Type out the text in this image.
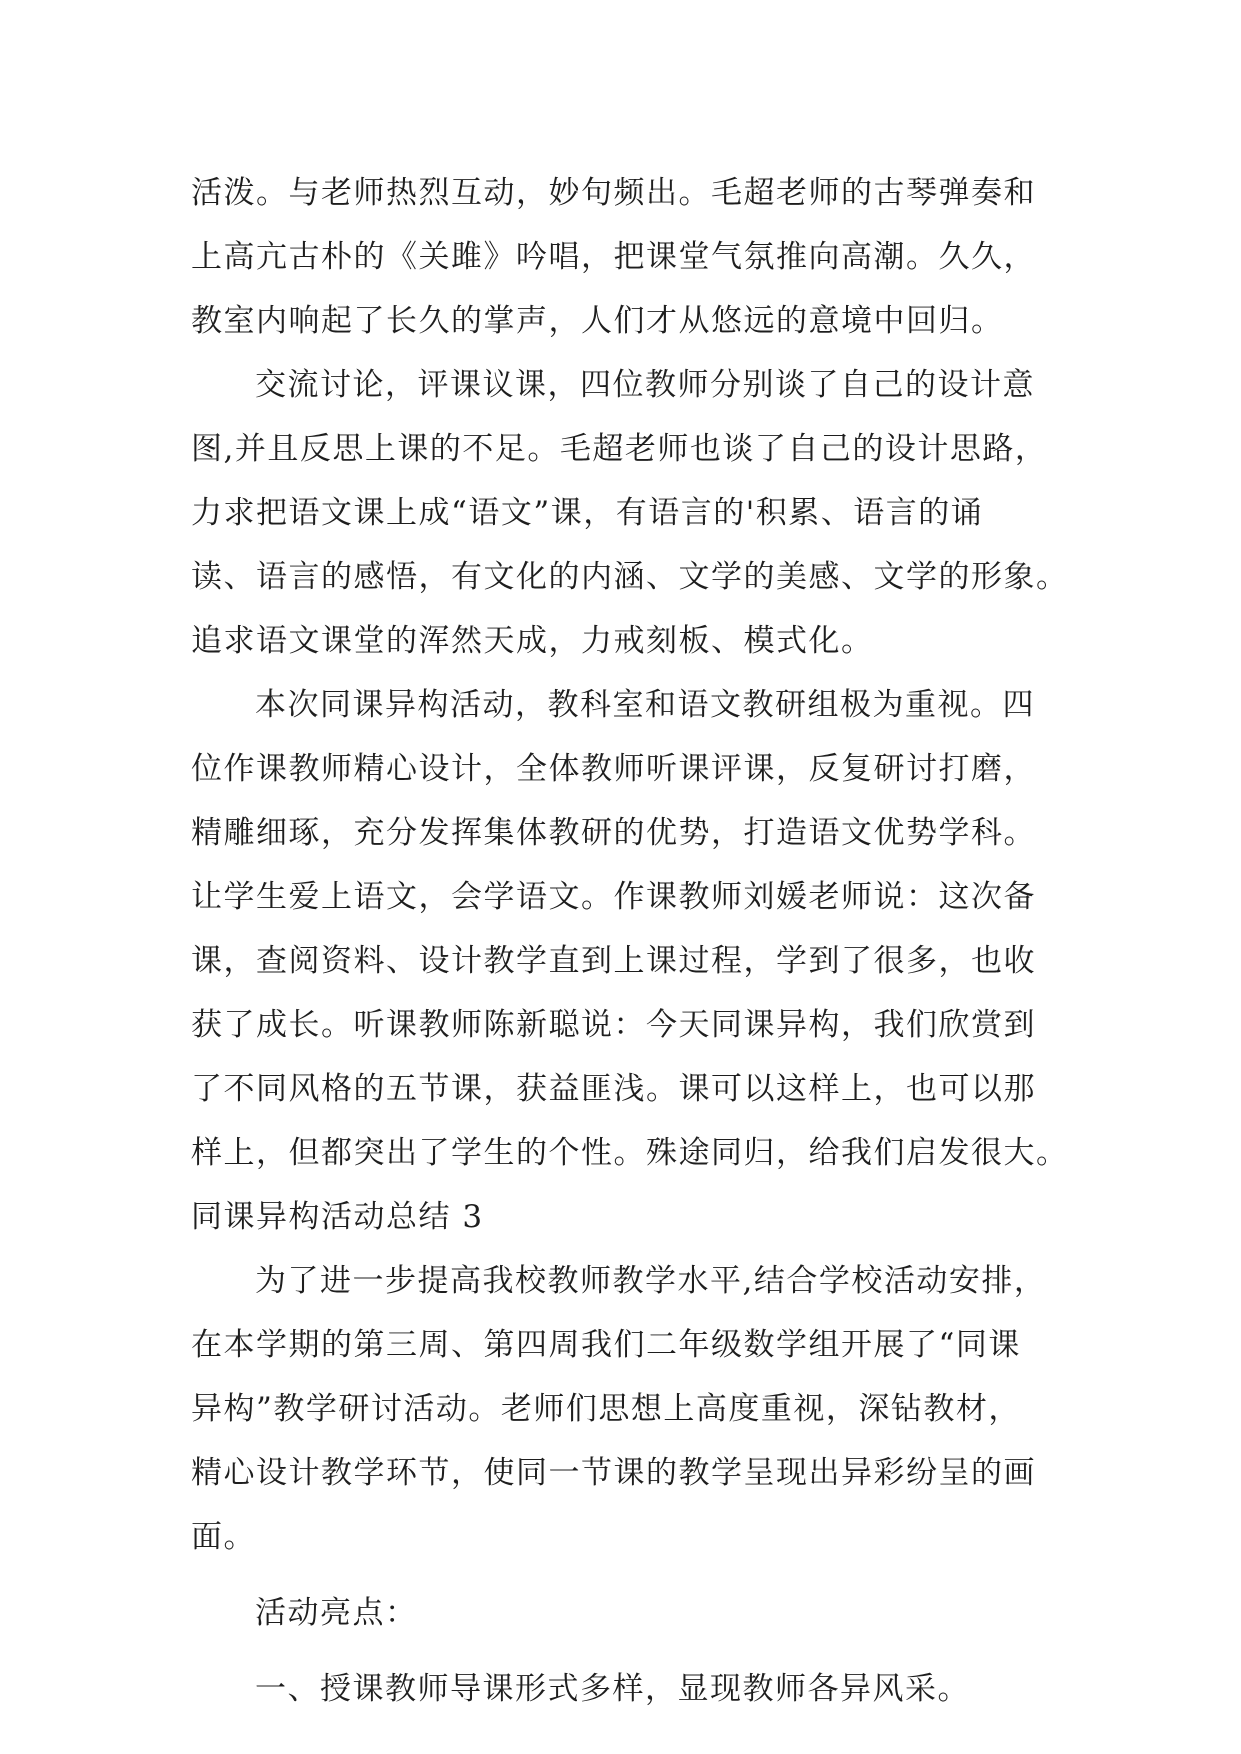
活泼。与老师热烈互动，妙句频出。毛超老师的古琴弹奏和
上高亢古朴的《关雎》吟唱，把课堂气氛推向高潮。久久，
教室内响起了长久的掌声，人们才从悠远的意境中回归。
交流讨论，评课议课，四位教师分别谈了自己的设计意
图,并且反思上课的不足。毛超老师也谈了自己的设计思路，
力求把语文课上成“语文”课，有语言的'积累、语言的诵
读、语言的感悟，有文化的内涵、文学的美感、文学的形象。
追求语文课堂的浑然天成，力戒刻板、模式化。
本次同课异构活动，教科室和语文教研组极为重视。四
位作课教师精心设计，全体教师听课评课，反复研讨打磨，
精雕细琢，充分发挥集体教研的优势，打造语文优势学科。
让学生爱上语文，会学语文。作课教师刘媛老师说：这次备
课，查阅资料、设计教学直到上课过程，学到了很多，也收
获了成长。听课教师陈新聪说：今天同课异构，我们欣赏到
了不同风格的五节课，获益匪浅。课可以这样上，也可以那
样上，但都突出了学生的个性。殊途同归，给我们启发很大。
同课异构活动总结 3
为了进一步提高我校教师教学水平,结合学校活动安排，
在本学期的第三周、第四周我们二年级数学组开展了“同课
异构”教学研讨活动。老师们思想上高度重视，深钻教材，
精心设计教学环节，使同一节课的教学呈现出异彩纷呈的画
面。
活动亮点：
一、授课教师导课形式多样，显现教师各异风采。
